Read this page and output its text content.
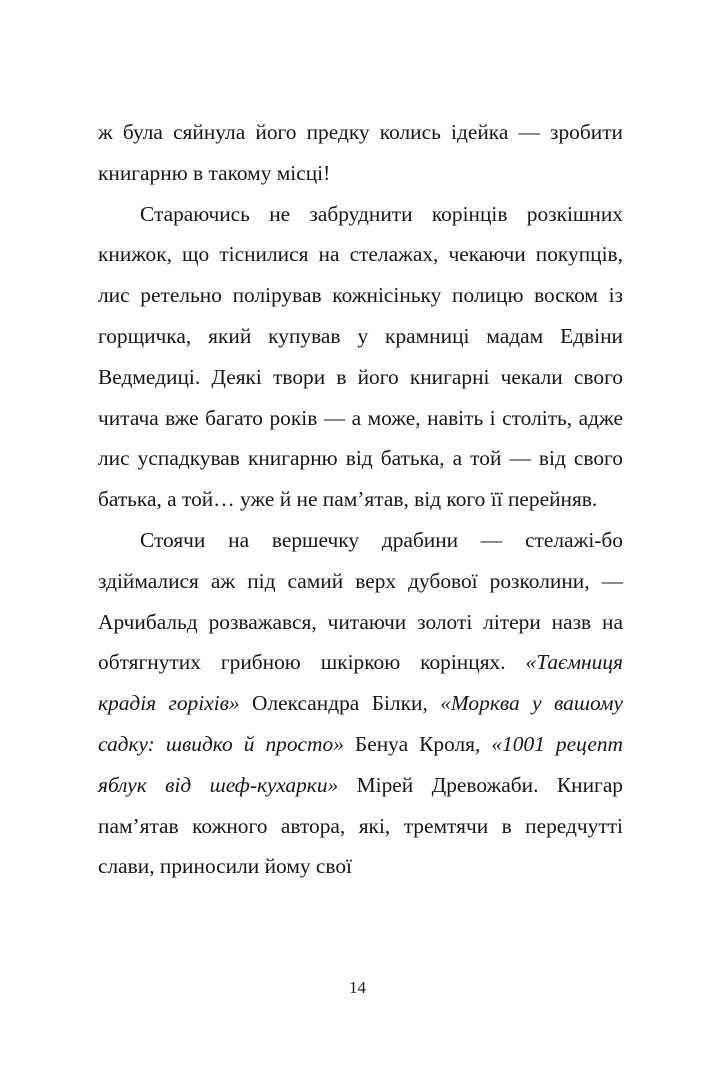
ж була сяйнула його предку колись ідейка — зробити книгарню в такому місці!

Стараючись не забруднити корінців розкішних книжок, що тіснилися на стелажах, чекаючи покупців, лис ретельно полірував кожнісіньку полицю воском із горщичка, який купував у крамниці мадам Едвіни Ведмедиці. Деякі твори в його книгарні чекали свого читача вже багато років — а може, навіть і століть, адже лис успадкував книгарню від батька, а той — від свого батька, а той… уже й не пам’ятав, від кого її перейняв.

Стоячи на вершечку драбини — стелажі-бо здіймалися аж під самий верх дубової розколини, — Арчибальд розважався, читаючи золоті літери назв на обтягнутих грибною шкіркою корінцях. «Таємниця крадія горіхів» Олександра Білки, «Морква у вашому садку: швидко й просто» Бенуа Кроля, «1001 рецепт яблук від шеф-кухарки» Мірей Древожаби. Книгар пам’ятав кожного автора, які, тремтячи в передчутті слави, приносили йому свої

14
